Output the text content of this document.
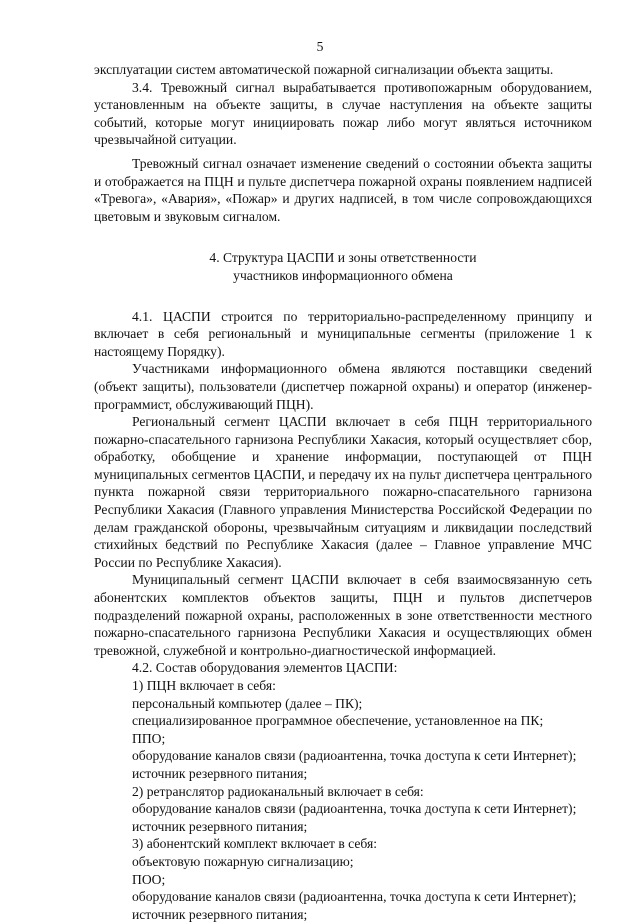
5

эксплуатации систем автоматической пожарной сигнализации объекта защиты.

3.4. Тревожный сигнал вырабатывается противопожарным оборудованием, установленным на объекте защиты, в случае наступления на объекте защиты событий, которые могут инициировать пожар либо могут являться источником чрезвычайной ситуации.

Тревожный сигнал означает изменение сведений о состоянии объекта защиты и отображается на ПЦН и пульте диспетчера пожарной охраны появлением надписей «Тревога», «Авария», «Пожар» и других надписей, в том числе сопровождающихся цветовым и звуковым сигналом.

4. Структура ЦАСПИ и зоны ответственности

участников информационного обмена

4.1. ЦАСПИ строится по территориально-распределенному принципу и включает в себя региональный и муниципальные сегменты (приложение 1 к настоящему Порядку).

Участниками информационного обмена являются поставщики сведений (объект защиты), пользователи (диспетчер пожарной охраны) и оператор (инженер-программист, обслуживающий ПЦН).

Региональный сегмент ЦАСПИ включает в себя ПЦН территориального пожарно-спасательного гарнизона Республики Хакасия, который осуществляет сбор, обработку, обобщение и хранение информации, поступающей от ПЦН муниципальных сегментов ЦАСПИ, и передачу их на пульт диспетчера центрального пункта пожарной связи территориального пожарно-спасательного гарнизона Республики Хакасия (Главного управления Министерства Российской Федерации по делам гражданской обороны, чрезвычайным ситуациям и ликвидации последствий стихийных бедствий по Республике Хакасия (далее – Главное управление МЧС России по Республике Хакасия).

Муниципальный сегмент ЦАСПИ включает в себя взаимосвязанную сеть абонентских комплектов объектов защиты, ПЦН и пультов диспетчеров подразделений пожарной охраны, расположенных в зоне ответственности местного пожарно-спасательного гарнизона Республики Хакасия и осуществляющих обмен тревожной, служебной и контрольно-диагностической информацией.

4.2. Состав оборудования элементов ЦАСПИ:

1) ПЦН включает в себя:

персональный компьютер (далее – ПК);

специализированное программное обеспечение, установленное на ПК;

ППО;

оборудование каналов связи (радиоантенна, точка доступа к сети Интернет);

источник резервного питания;

2) ретранслятор радиоканальный включает в себя:

оборудование каналов связи (радиоантенна, точка доступа к сети Интернет);

источник резервного питания;

3) абонентский комплект включает в себя:

объектовую пожарную сигнализацию;

ПОО;

оборудование каналов связи (радиоантенна, точка доступа к сети Интернет);

источник резервного питания;
